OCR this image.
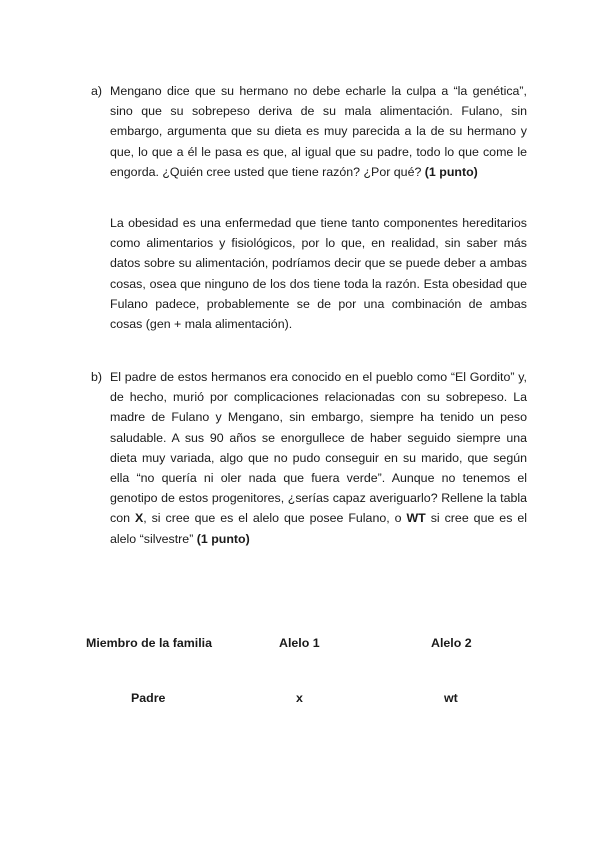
a) Mengano dice que su hermano no debe echarle la culpa a “la genética”, sino que su sobrepeso deriva de su mala alimentación. Fulano, sin embargo, argumenta que su dieta es muy parecida a la de su hermano y que, lo que a él le pasa es que, al igual que su padre, todo lo que come le engorda. ¿Quién cree usted que tiene razón? ¿Por qué? (1 punto)
La obesidad es una enfermedad que tiene tanto componentes hereditarios como alimentarios y fisiológicos, por lo que, en realidad, sin saber más datos sobre su alimentación, podríamos decir que se puede deber a ambas cosas, osea que ninguno de los dos tiene toda la razón. Esta obesidad que Fulano padece, probablemente se de por una combinación de ambas cosas (gen + mala alimentación).
b) El padre de estos hermanos era conocido en el pueblo como “El Gordito” y, de hecho, murió por complicaciones relacionadas con su sobrepeso. La madre de Fulano y Mengano, sin embargo, siempre ha tenido un peso saludable. A sus 90 años se enorgullece de haber seguido siempre una dieta muy variada, algo que no pudo conseguir en su marido, que según ella “no quería ni oler nada que fuera verde”. Aunque no tenemos el genotipo de estos progenitores, ¿serías capaz averiguarlo? Rellene la tabla con X, si cree que es el alelo que posee Fulano, o WT si cree que es el alelo “silvestre” (1 punto)
Miembro de la familia	Alelo 1	Alelo 2
Padre	x	wt
